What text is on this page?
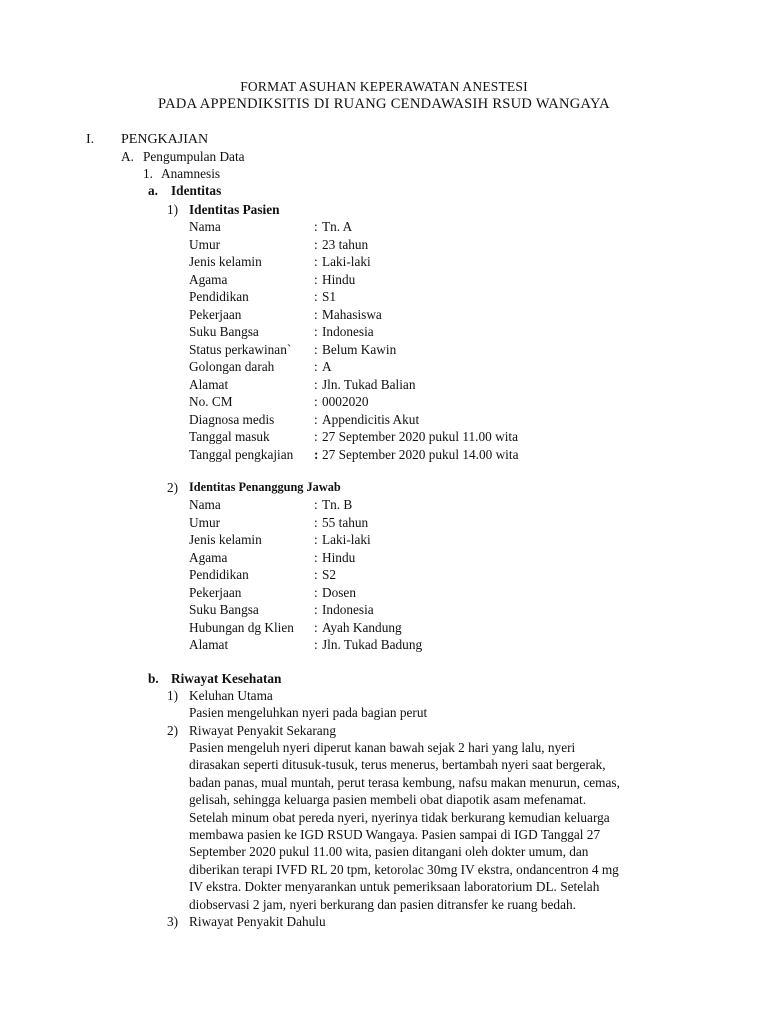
FORMAT ASUHAN KEPERAWATAN ANESTESI
PADA APPENDIKSITIS DI RUANG CENDAWASIH RSUD WANGAYA
I. PENGKAJIAN
A. Pengumpulan Data
1. Anamnesis
a. Identitas
1) Identitas Pasien
Nama	: Tn. A
Umur	: 23 tahun
Jenis kelamin	: Laki-laki
Agama	: Hindu
Pendidikan	: S1
Pekerjaan	: Mahasiswa
Suku Bangsa	: Indonesia
Status perkawinan` : Belum Kawin
Golongan darah	: A
Alamat	: Jln. Tukad Balian
No. CM	: 0002020
Diagnosa medis	: Appendicitis Akut
Tanggal masuk	: 27 September 2020 pukul 11.00 wita
Tanggal pengkajian : 27 September 2020 pukul 14.00 wita
2) Identitas Penanggung Jawab
Nama	: Tn. B
Umur	: 55 tahun
Jenis kelamin	: Laki-laki
Agama	: Hindu
Pendidikan	: S2
Pekerjaan	: Dosen
Suku Bangsa	: Indonesia
Hubungan dg Klien : Ayah Kandung
Alamat	: Jln. Tukad Badung
b. Riwayat Kesehatan
1) Keluhan Utama
Pasien mengeluhkan nyeri pada bagian perut
2) Riwayat Penyakit Sekarang
Pasien mengeluh nyeri diperut kanan bawah sejak 2 hari yang lalu, nyeri
dirasakan seperti ditusuk-tusuk, terus menerus, bertambah nyeri saat bergerak,
badan panas, mual muntah, perut terasa kembung, nafsu makan menurun, cemas,
gelisah, sehingga keluarga pasien membeli obat diapotik asam mefenamat.
Setelah minum obat pereda nyeri, nyerinya tidak berkurang kemudian keluarga
membawa pasien ke IGD RSUD Wangaya. Pasien sampai di IGD Tanggal 27
September 2020 pukul 11.00 wita, pasien ditangani oleh dokter umum, dan
diberikan terapi IVFD RL 20 tpm, ketorolac 30mg IV ekstra, ondancentron 4 mg
IV ekstra. Dokter menyarankan untuk pemeriksaan laboratorium DL. Setelah
diobservasi 2 jam, nyeri berkurang dan pasien ditransfer ke ruang bedah.
3) Riwayat Penyakit Dahulu
